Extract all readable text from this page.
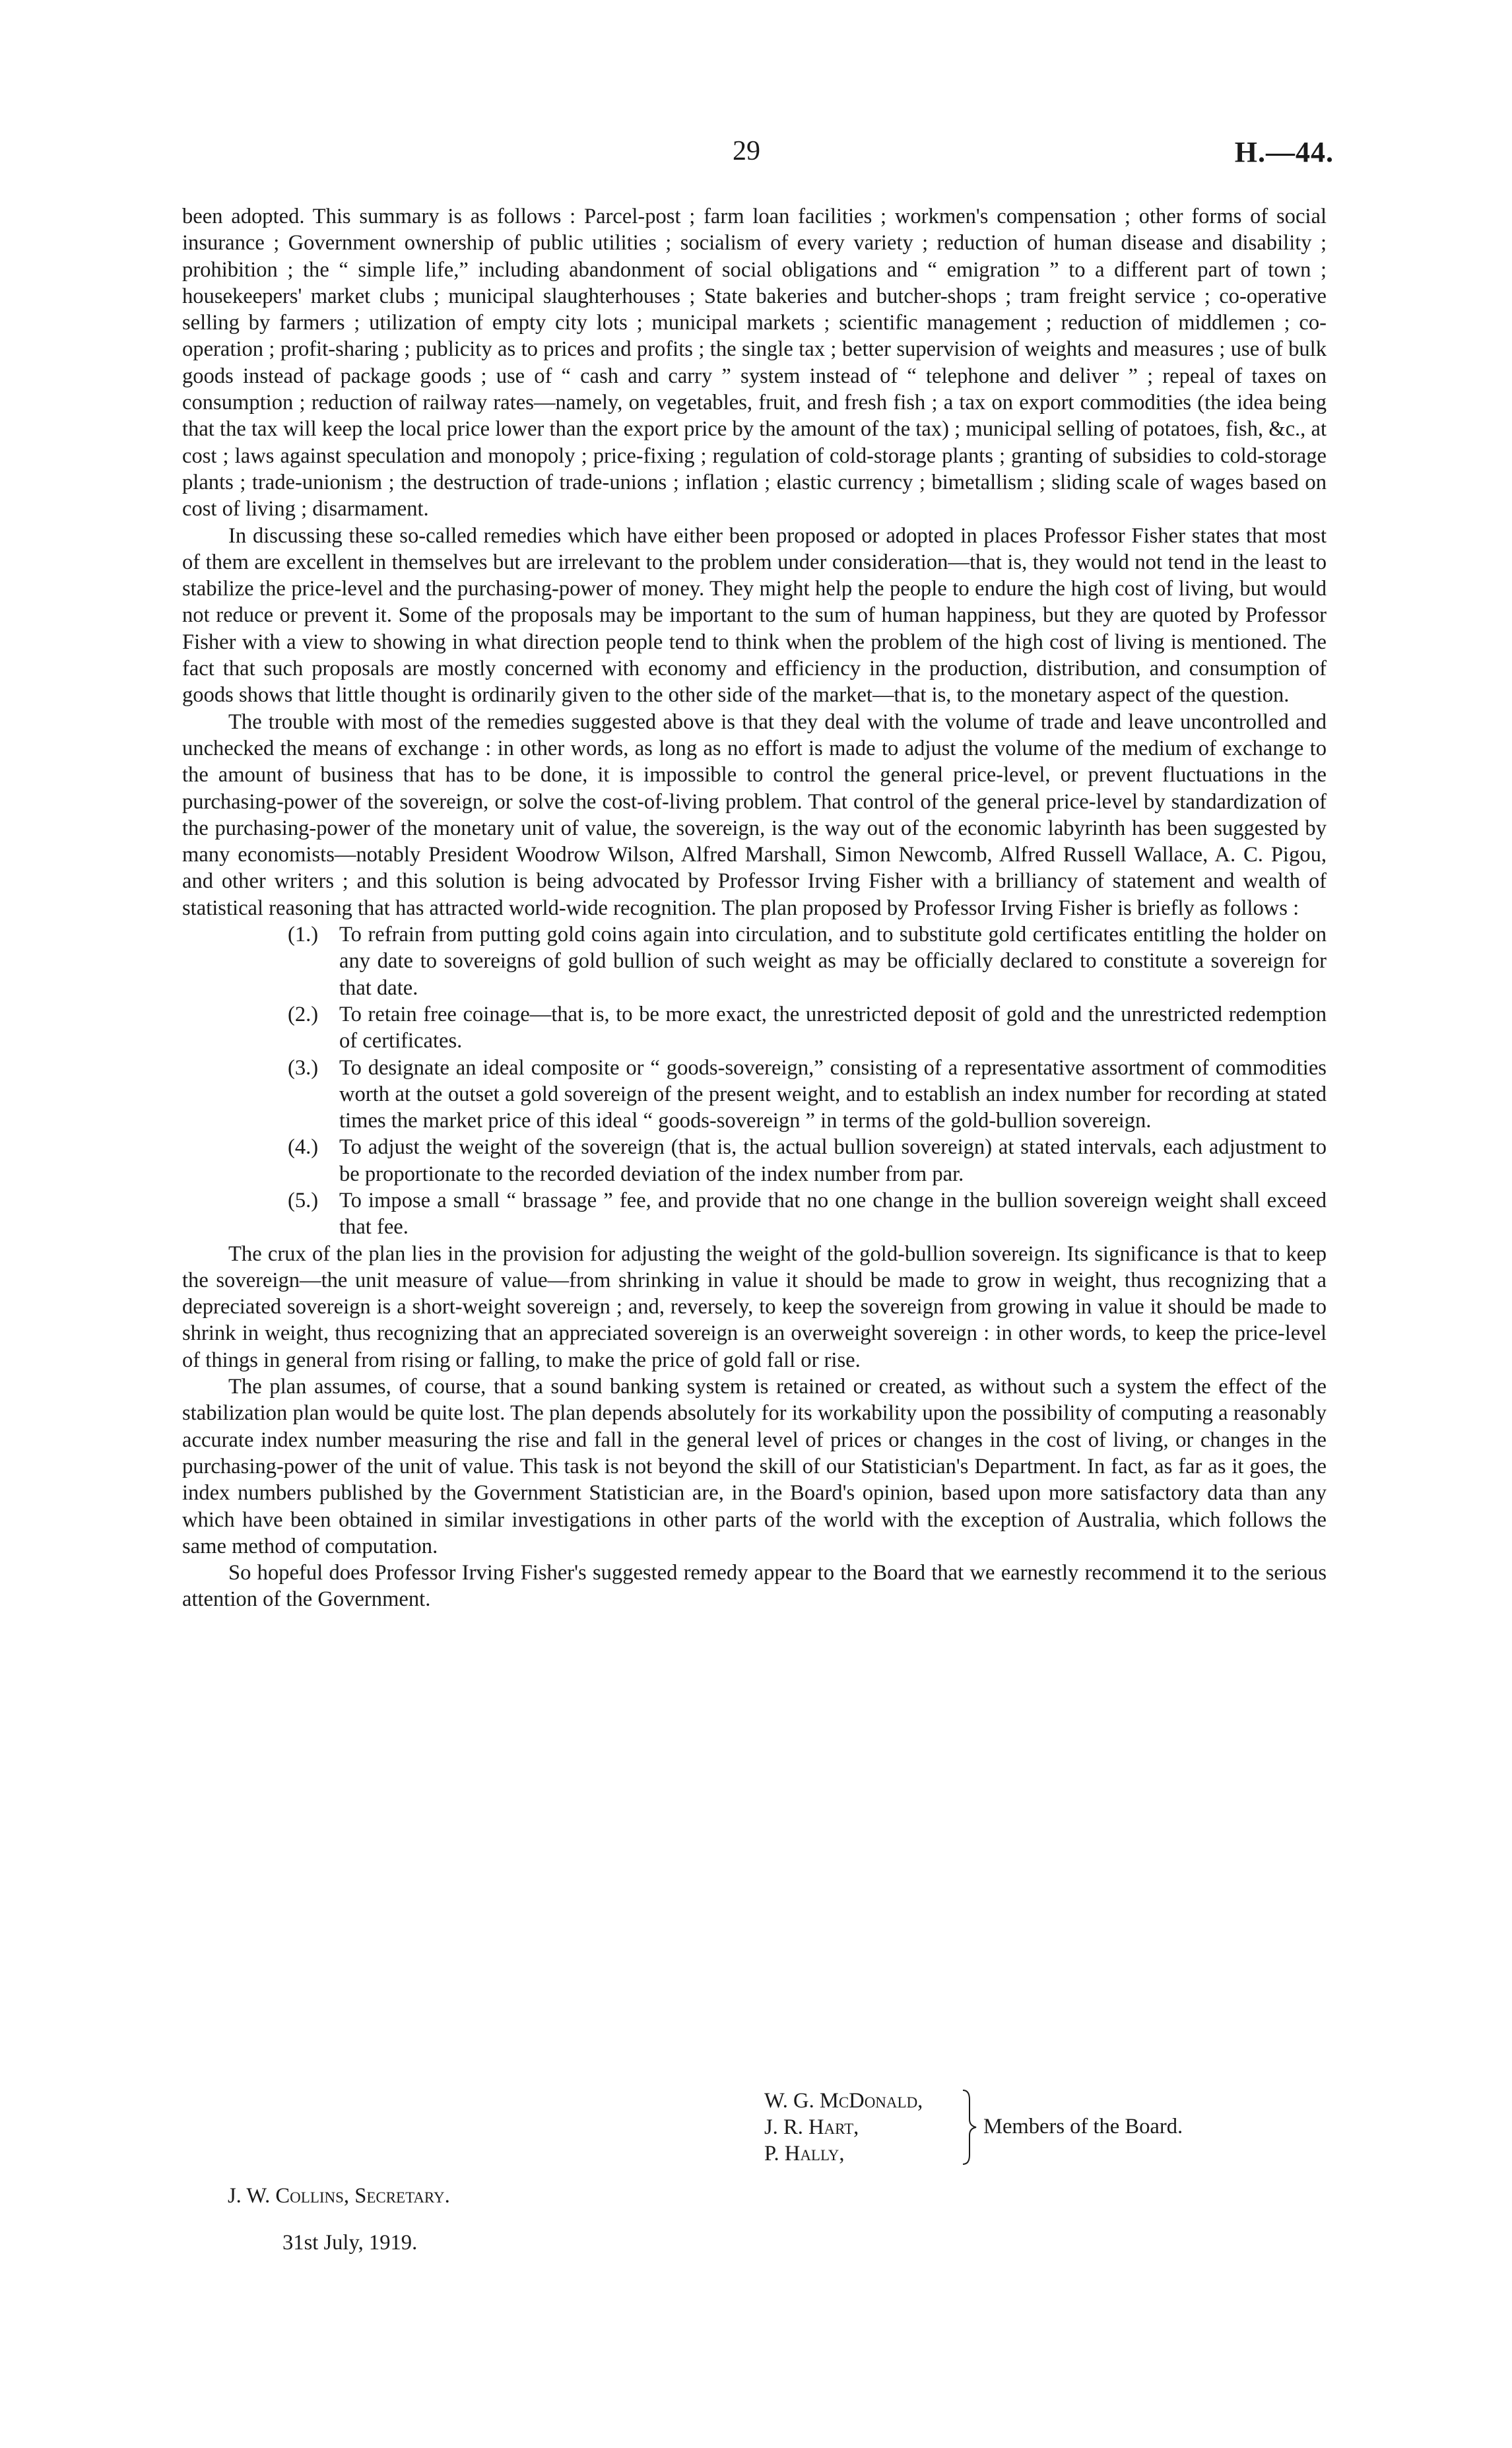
29	H.—44.

been adopted. This summary is as follows : Parcel-post ; farm loan facilities ; workmen's compensation ; other forms of social insurance ; Government ownership of public utilities ; socialism of every variety ; reduction of human disease and disability ; prohibition ; the “ simple life,” including abandonment of social obligations and “ emigration ” to a different part of town ; housekeepers' market clubs ; municipal slaughterhouses ; State bakeries and butcher-shops ; tram freight service ; co-operative selling by farmers ; utilization of empty city lots ; municipal markets ; scientific management ; reduction of middlemen ; co-operation ; profit-sharing ; publicity as to prices and profits ; the single tax ; better supervision of weights and measures ; use of bulk goods instead of package goods ; use of “ cash and carry ” system instead of “ telephone and deliver ” ; repeal of taxes on consumption ; reduction of railway rates—namely, on vegetables, fruit, and fresh fish ; a tax on export commodities (the idea being that the tax will keep the local price lower than the export price by the amount of the tax) ; municipal selling of potatoes, fish, &c., at cost ; laws against speculation and monopoly ; price-fixing ; regulation of cold-storage plants ; granting of subsidies to cold-storage plants ; trade-unionism ; the destruction of trade-unions ; inflation ; elastic currency ; bimetallism ; sliding scale of wages based on cost of living ; disarmament.

In discussing these so-called remedies which have either been proposed or adopted in places Professor Fisher states that most of them are excellent in themselves but are irrelevant to the problem under consideration—that is, they would not tend in the least to stabilize the price-level and the purchasing-power of money. They might help the people to endure the high cost of living, but would not reduce or prevent it. Some of the proposals may be important to the sum of human happiness, but they are quoted by Professor Fisher with a view to showing in what direction people tend to think when the problem of the high cost of living is mentioned. The fact that such proposals are mostly concerned with economy and efficiency in the production, distribution, and consumption of goods shows that little thought is ordinarily given to the other side of the market—that is, to the monetary aspect of the question.

The trouble with most of the remedies suggested above is that they deal with the volume of trade and leave uncontrolled and unchecked the means of exchange : in other words, as long as no effort is made to adjust the volume of the medium of exchange to the amount of business that has to be done, it is impossible to control the general price-level, or prevent fluctuations in the purchasing-power of the sovereign, or solve the cost-of-living problem. That control of the general price-level by standardization of the purchasing-power of the monetary unit of value, the sovereign, is the way out of the economic labyrinth has been suggested by many economists—notably President Woodrow Wilson, Alfred Marshall, Simon Newcomb, Alfred Russell Wallace, A. C. Pigou, and other writers ; and this solution is being advocated by Professor Irving Fisher with a brilliancy of statement and wealth of statistical reasoning that has attracted world-wide recognition. The plan proposed by Professor Irving Fisher is briefly as follows :

(1.) To refrain from putting gold coins again into circulation, and to substitute gold certificates entitling the holder on any date to sovereigns of gold bullion of such weight as may be officially declared to constitute a sovereign for that date.
(2.) To retain free coinage—that is, to be more exact, the unrestricted deposit of gold and the unrestricted redemption of certificates.
(3.) To designate an ideal composite or “ goods-sovereign,” consisting of a representative assortment of commodities worth at the outset a gold sovereign of the present weight, and to establish an index number for recording at stated times the market price of this ideal “ goods-sovereign ” in terms of the gold-bullion sovereign.
(4.) To adjust the weight of the sovereign (that is, the actual bullion sovereign) at stated intervals, each adjustment to be proportionate to the recorded deviation of the index number from par.
(5.) To impose a small “ brassage ” fee, and provide that no one change in the bullion sovereign weight shall exceed that fee.

The crux of the plan lies in the provision for adjusting the weight of the gold-bullion sovereign. Its significance is that to keep the sovereign—the unit measure of value—from shrinking in value it should be made to grow in weight, thus recognizing that a depreciated sovereign is a short-weight sovereign ; and, reversely, to keep the sovereign from growing in value it should be made to shrink in weight, thus recognizing that an appreciated sovereign is an overweight sovereign : in other words, to keep the price-level of things in general from rising or falling, to make the price of gold fall or rise.

The plan assumes, of course, that a sound banking system is retained or created, as without such a system the effect of the stabilization plan would be quite lost. The plan depends absolutely for its workability upon the possibility of computing a reasonably accurate index number measuring the rise and fall in the general level of prices or changes in the cost of living, or changes in the purchasing-power of the unit of value. This task is not beyond the skill of our Statistician's Department. In fact, as far as it goes, the index numbers published by the Government Statistician are, in the Board's opinion, based upon more satisfactory data than any which have been obtained in similar investigations in other parts of the world with the exception of Australia, which follows the same method of computation.

So hopeful does Professor Irving Fisher's suggested remedy appear to the Board that we earnestly recommend it to the serious attention of the Government.

W. G. McDonald,
J. R. Hart,
P. Hally,
Members of the Board.
J. W. Collins, Secretary.
31st July, 1919.
